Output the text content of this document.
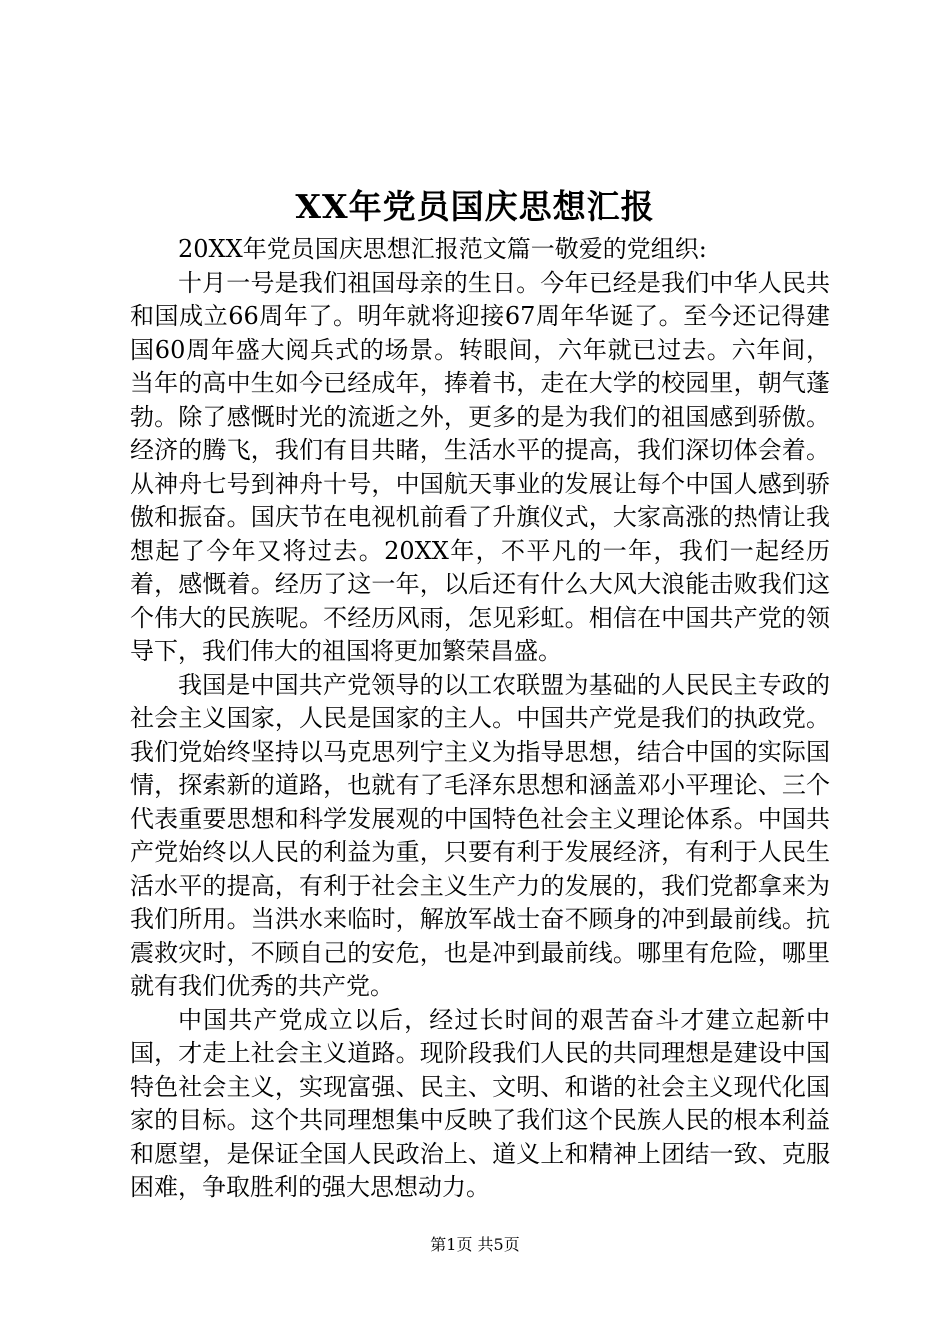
XX年党员国庆思想汇报

20XX年党员国庆思想汇报范文篇一敬爱的党组织:

十月一号是我们祖国母亲的生日。今年已经是我们中华人民共和国成立66周年了。明年就将迎接67周年华诞了。至今还记得建国60周年盛大阅兵式的场景。转眼间，六年就已过去。六年间，当年的高中生如今已经成年，捧着书，走在大学的校园里，朝气蓬勃。除了感慨时光的流逝之外，更多的是为我们的祖国感到骄傲。经济的腾飞，我们有目共睹，生活水平的提高，我们深切体会着。从神舟七号到神舟十号，中国航天事业的发展让每个中国人感到骄傲和振奋。国庆节在电视机前看了升旗仪式，大家高涨的热情让我想起了今年又将过去。20XX年，不平凡的一年，我们一起经历着，感慨着。经历了这一年，以后还有什么大风大浪能击败我们这个伟大的民族呢。不经历风雨，怎见彩虹。相信在中国共产党的领导下，我们伟大的祖国将更加繁荣昌盛。

我国是中国共产党领导的以工农联盟为基础的人民民主专政的社会主义国家，人民是国家的主人。中国共产党是我们的执政党。我们党始终坚持以马克思列宁主义为指导思想，结合中国的实际国情，探索新的道路，也就有了毛泽东思想和涵盖邓小平理论、三个代表重要思想和科学发展观的中国特色社会主义理论体系。中国共产党始终以人民的利益为重，只要有利于发展经济，有利于人民生活水平的提高，有利于社会主义生产力的发展的，我们党都拿来为我们所用。当洪水来临时，解放军战士奋不顾身的冲到最前线。抗震救灾时，不顾自己的安危，也是冲到最前线。哪里有危险，哪里就有我们优秀的共产党。

中国共产党成立以后，经过长时间的艰苦奋斗才建立起新中国，才走上社会主义道路。现阶段我们人民的共同理想是建设中国特色社会主义，实现富强、民主、文明、和谐的社会主义现代化国家的目标。这个共同理想集中反映了我们这个民族人民的根本利益和愿望，是保证全国人民政治上、道义上和精神上团结一致、克服困难，争取胜利的强大思想动力。

第1页 共5页
